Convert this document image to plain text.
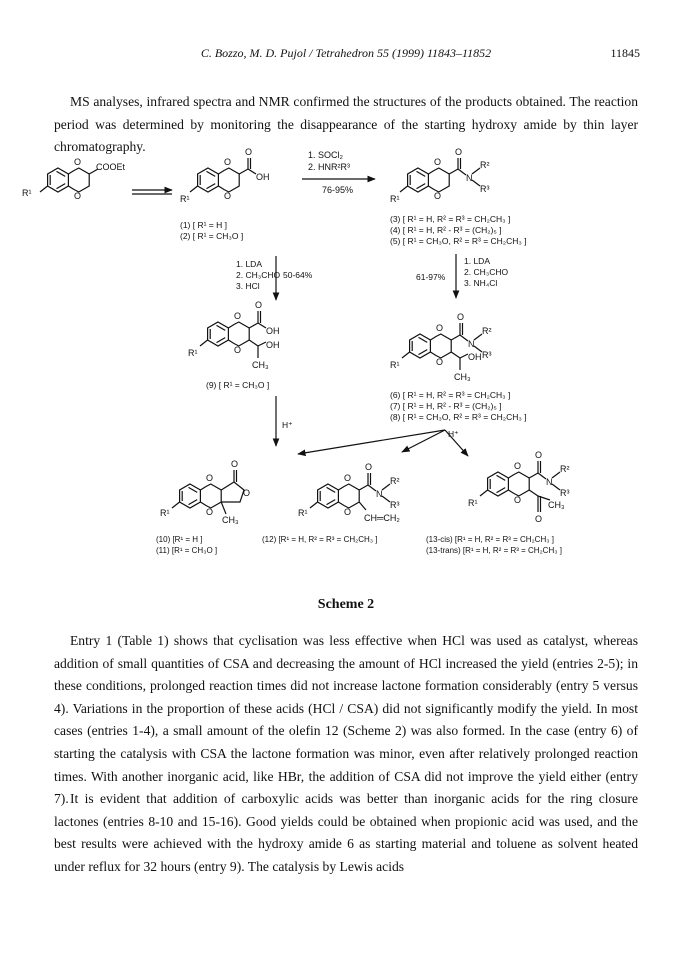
C. Bozzo, M. D. Pujol / Tetrahedron 55 (1999) 11843–11852	11845

MS analyses, infrared spectra and NMR confirmed the structures of the products obtained. The reaction period was determined by monitoring the disappearance of the starting hydroxy amide by thin layer chromatography.

O
O
COOEt
R¹
O
OH
O
O
R¹
1. SOCl₂
2. HNR²R³
76-95%
O
N
R²
R³
O
O
R¹
(1) [ R¹ = H ]
(2) [ R¹ = CH₃O ]
(3) [ R¹ = H, R² = R³ = CH₂CH₃ ]
(4) [ R¹ = H, R² - R³ = (CH₂)₅ ]
(5) [ R¹ = CH₃O, R² = R³ = CH₂CH₃ ]
1. LDA
2. CH₃CHO
3. HCl
50-64%	61-97%
1. LDA
2. CH₃CHO
3. NH₄Cl
O
OH
OH
CH₃
O
O
R¹
(9) [ R¹ = CH₃O ]
O
N
R²
R³
OH
CH₃
O
O
R¹
(6) [ R¹ = H, R² = R³ = CH₂CH₃ ]
(7) [ R¹ = H, R² - R³ = (CH₂)₅ ]
(8) [ R¹ = CH₃O, R² = R³ = CH₂CH₃ ]
H⁺
H⁺
O
O
CH₃
O
O
R¹
O
N
R²
R³
CH═CH₂
O
O
R¹
O
N
R²
R³
CH₃
O
O
O
R¹
(10) [R¹ = H ]
(11) [R¹ = CH₃O ]
(12) [R¹ = H, R² = R³ = CH₂CH₃ ]	(13-cis) [R¹ = H, R² = R³ = CH₂CH₃ ]
(13-trans) [R¹ = H, R² = R³ = CH₂CH₃ ]
Scheme 2

Entry 1 (Table 1) shows that cyclisation was less effective when HCl was used as catalyst, whereas addition of small quantities of CSA and decreasing the amount of HCl increased the yield (entries 2-5); in these conditions, prolonged reaction times did not increase lactone formation considerably (entry 5 versus 4). Variations in the proportion of these acids (HCl / CSA) did not significantly modify the yield. In most cases (entries 1-4), a small amount of the olefin 12 (Scheme 2) was also formed. In the case (entry 6) of starting the catalysis with CSA the lactone formation was minor, even after relatively prolonged reaction times. With another inorganic acid, like HBr, the addition of CSA did not improve the yield either (entry 7). It is evident that addition of carboxylic acids was better than inorganic acids for the ring closure lactones (entries 8-10 and 15-16). Good yields could be obtained when propionic acid was used, and the best results were achieved with the hydroxy amide 6 as starting material and toluene as solvent heated under reflux for 32 hours (entry 9). The catalysis by Lewis acids
